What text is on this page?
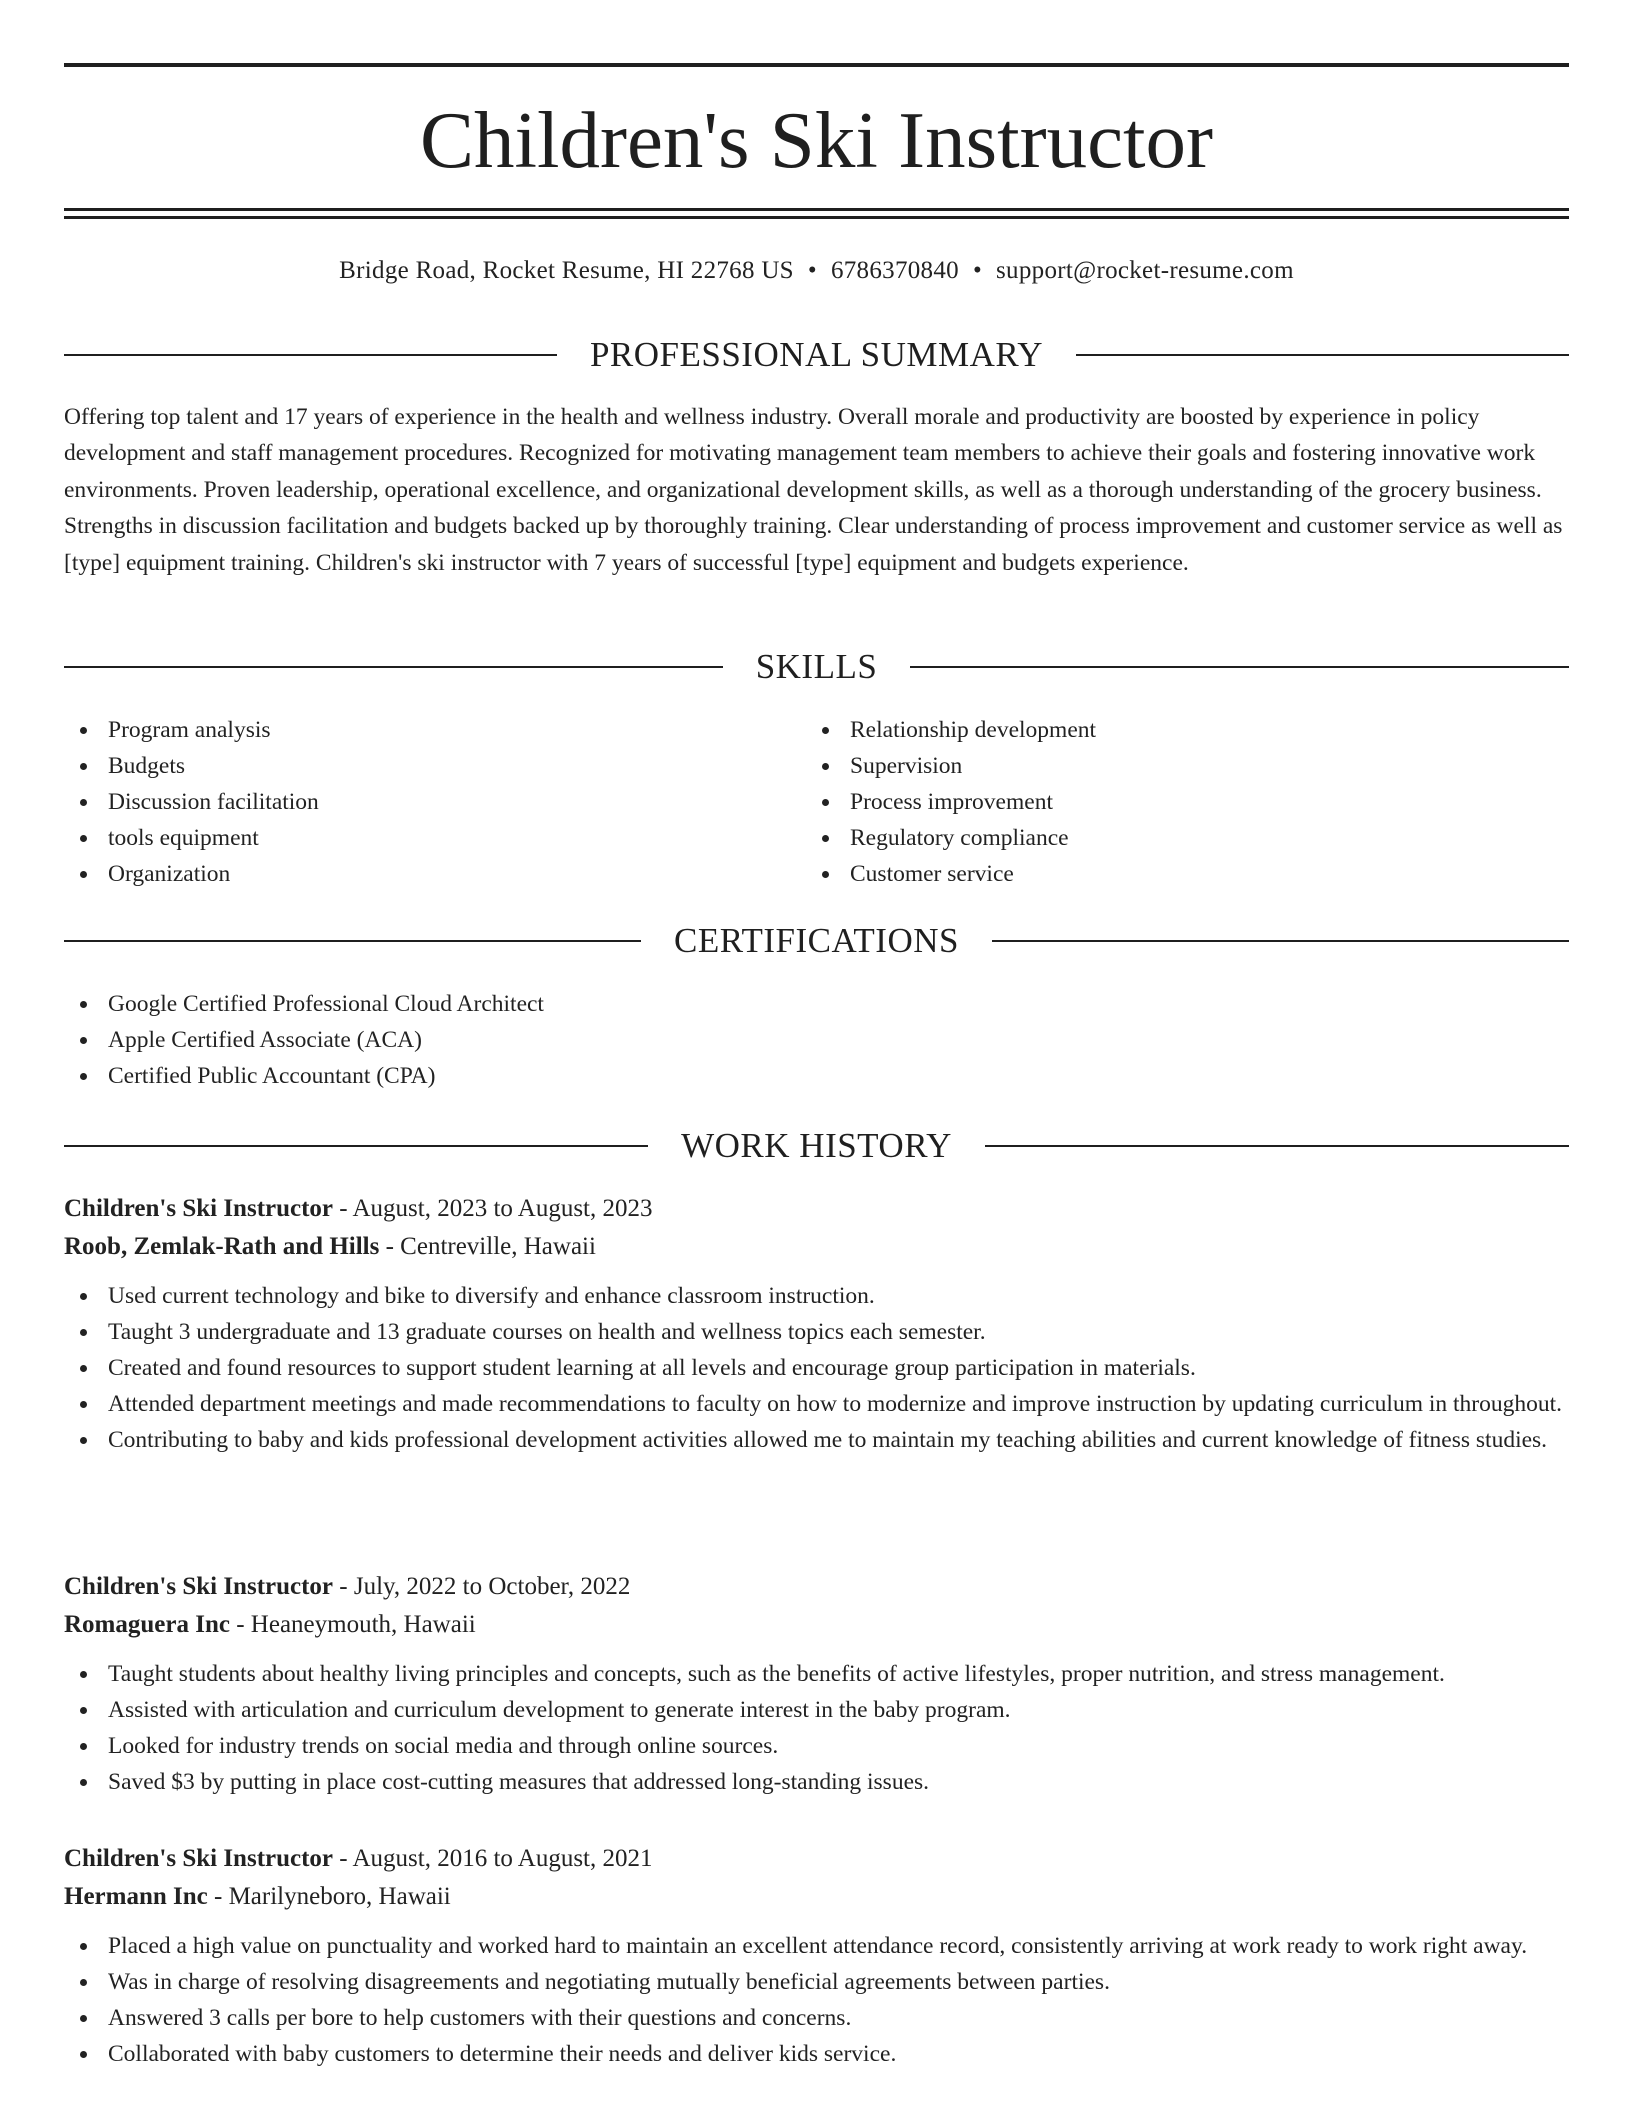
Children's Ski Instructor
Bridge Road, Rocket Resume, HI 22768 US • 6786370840 • support@rocket-resume.com
PROFESSIONAL SUMMARY

Offering top talent and 17 years of experience in the health and wellness industry. Overall morale and productivity are boosted by experience in policy development and staff management procedures. Recognized for motivating management team members to achieve their goals and fostering innovative work environments. Proven leadership, operational excellence, and organizational development skills, as well as a thorough understanding of the grocery business. Strengths in discussion facilitation and budgets backed up by thoroughly training. Clear understanding of process improvement and customer service as well as [type] equipment training. Children's ski instructor with 7 years of successful [type] equipment and budgets experience.

SKILLS
Program analysis
Budgets
Discussion facilitation
tools equipment
Organization
Relationship development
Supervision
Process improvement
Regulatory compliance
Customer service
CERTIFICATIONS
Google Certified Professional Cloud Architect
Apple Certified Associate (ACA)
Certified Public Accountant (CPA)
WORK HISTORY
Children's Ski Instructor - August, 2023 to August, 2023
Roob, Zemlak-Rath and Hills - Centreville, Hawaii
Used current technology and bike to diversify and enhance classroom instruction.
Taught 3 undergraduate and 13 graduate courses on health and wellness topics each semester.
Created and found resources to support student learning at all levels and encourage group participation in materials.
Attended department meetings and made recommendations to faculty on how to modernize and improve instruction by updating curriculum in throughout.
Contributing to baby and kids professional development activities allowed me to maintain my teaching abilities and current knowledge of fitness studies.
Children's Ski Instructor - July, 2022 to October, 2022
Romaguera Inc - Heaneymouth, Hawaii
Taught students about healthy living principles and concepts, such as the benefits of active lifestyles, proper nutrition, and stress management.
Assisted with articulation and curriculum development to generate interest in the baby program.
Looked for industry trends on social media and through online sources.
Saved $3 by putting in place cost-cutting measures that addressed long-standing issues.
Children's Ski Instructor - August, 2016 to August, 2021
Hermann Inc - Marilyneboro, Hawaii
Placed a high value on punctuality and worked hard to maintain an excellent attendance record, consistently arriving at work ready to work right away.
Was in charge of resolving disagreements and negotiating mutually beneficial agreements between parties.
Answered 3 calls per bore to help customers with their questions and concerns.
Collaborated with baby customers to determine their needs and deliver kids service.
